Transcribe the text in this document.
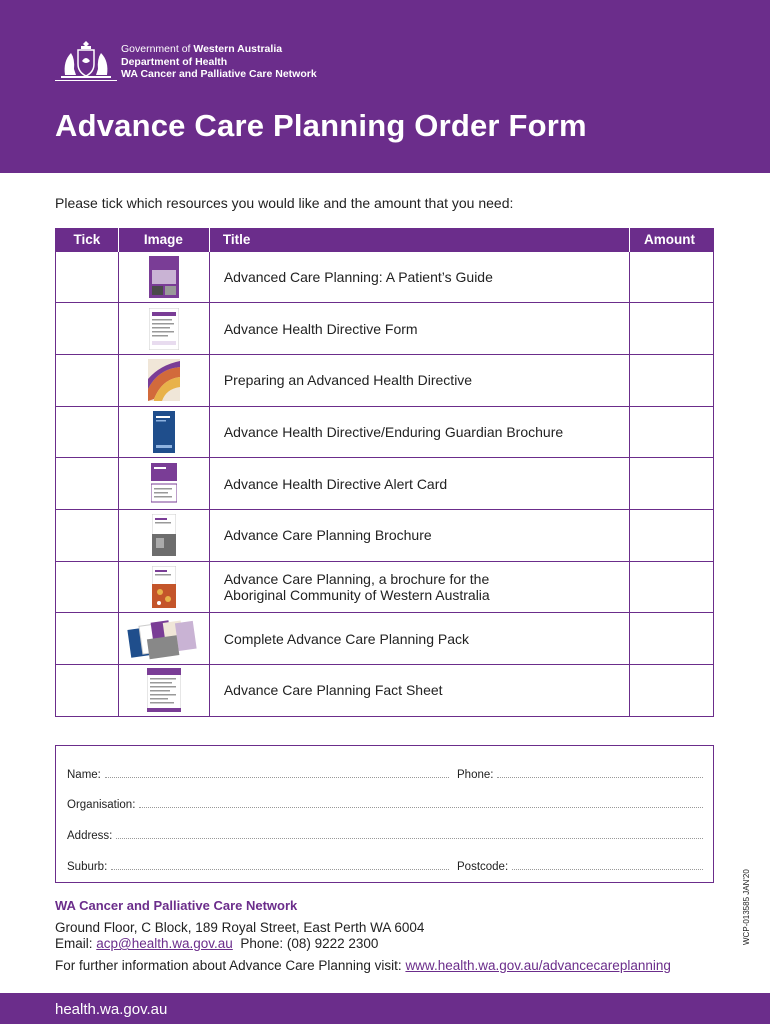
Government of Western Australia
Department of Health
WA Cancer and Palliative Care Network
Advance Care Planning Order Form

Please tick which resources you would like and the amount that you need:

Tick	Image	Title	Amount

	Advanced Care Planning: A Patient’s Guide	

	Advance Health Directive Form	

	Preparing an Advanced Health Directive	

	Advance Health Directive/Enduring Guardian Brochure	

	Advance Health Directive Alert Card	

	Advance Care Planning Brochure	

Advance Care Planning, a brochure for the
Aboriginal Community of Western Australia	

	Complete Advance Care Planning Pack	

	Advance Care Planning Fact Sheet	
Name:	Phone:
Organisation:
Address:
Suburb:	Postcode:
WA Cancer and Palliative Care Network
Ground Floor, C Block, 189 Royal Street, East Perth WA 6004
Email: acp@health.wa.gov.au Phone: (08) 9222 2300
For further information about Advance Care Planning visit: www.health.wa.gov.au/advancecareplanning
WCP-013585 JAN'20
health.wa.gov.au
